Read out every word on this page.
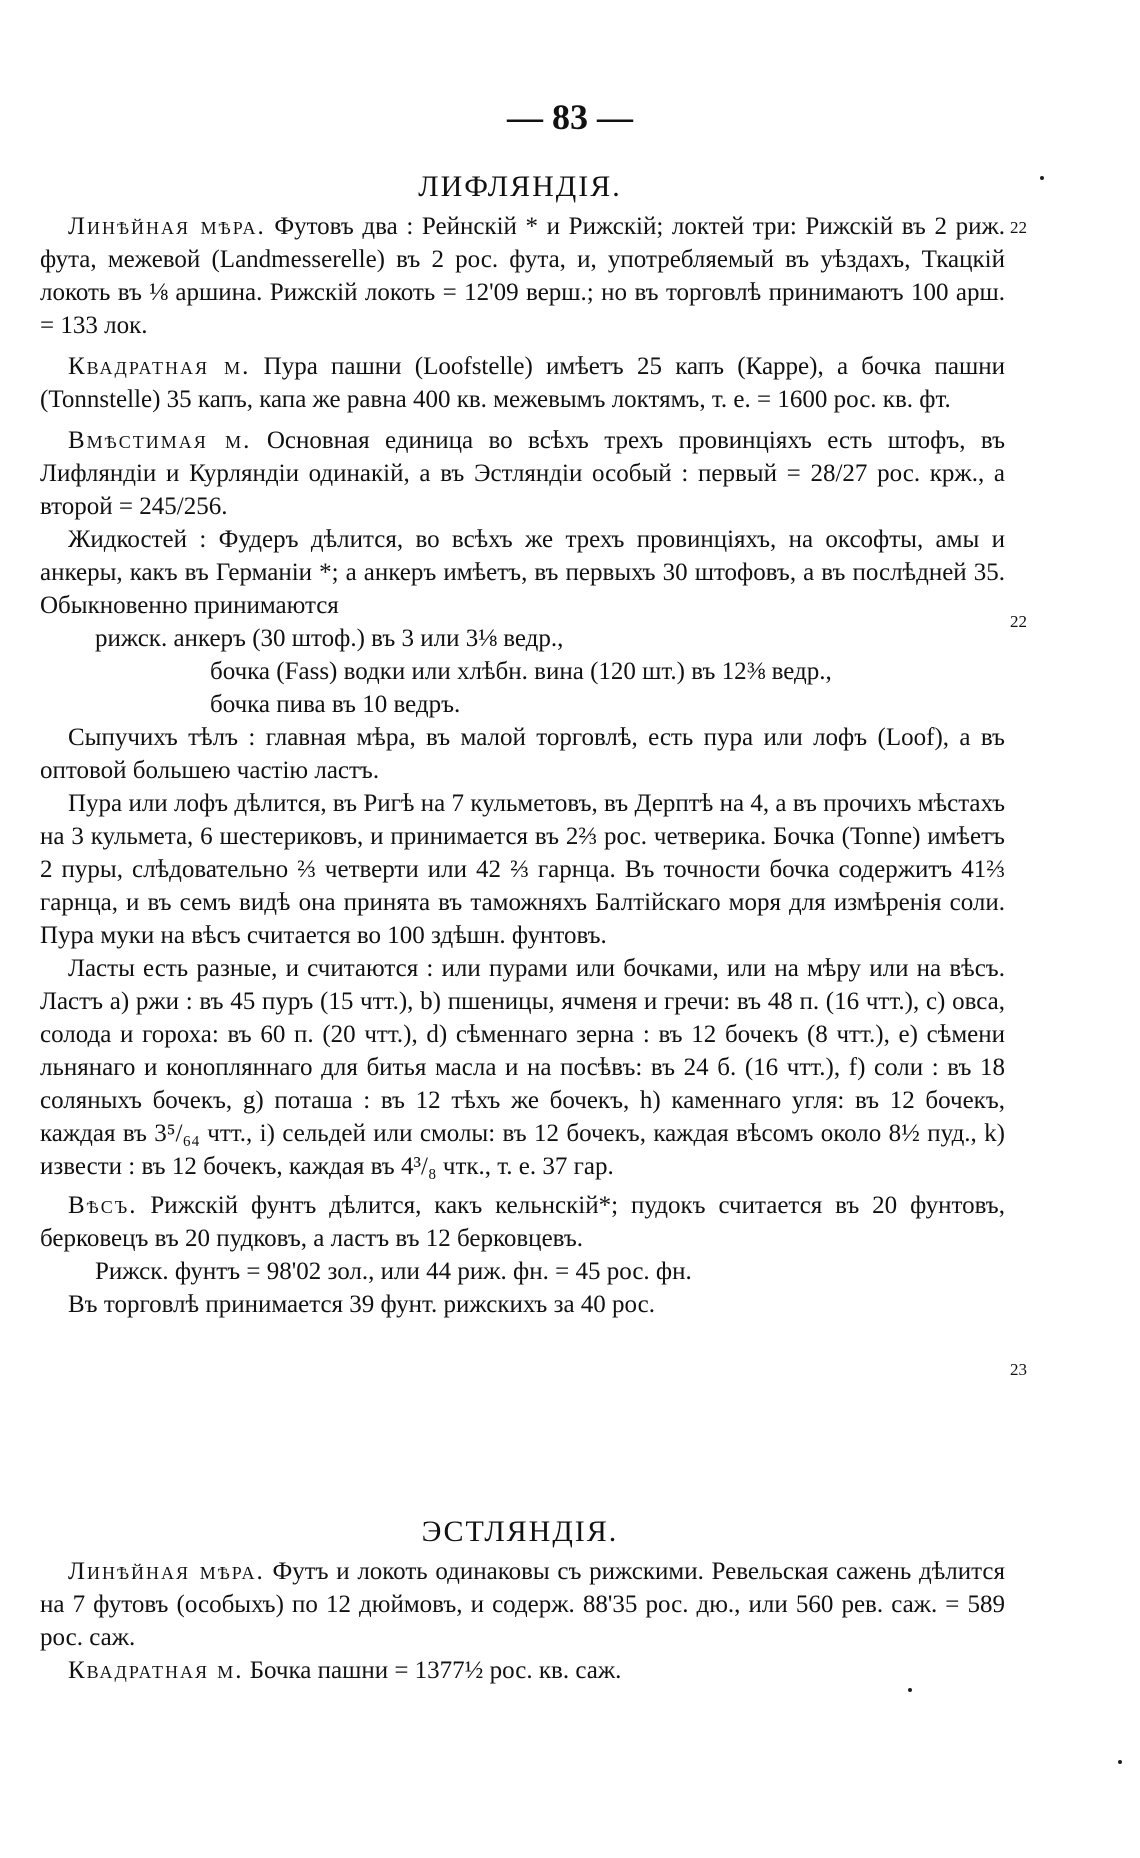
— 83 —
ЛИФЛЯНДІЯ.

Линѣйная мѣра. Футовъ два : Рейнскій * и Рижскій; локтей три: Рижскій въ 2 риж. фута, межевой (Landmesserelle) въ 2 рос. фута, и, употребляемый въ уѣздахъ, Ткацкій локоть въ ⅛ аршина. Рижскій локоть = 12'09 верш.; но въ торговлѣ принимаютъ 100 арш. = 133 лок.

Квадратная м. Пура пашни (Loofstelle) имѣетъ 25 капъ (Карре), а бочка пашни (Tonnstelle) 35 капъ, капа же равна 400 кв. межевымъ локтямъ, т. е. = 1600 рос. кв. фт.

Вмѣстимая м. Основная единица во всѣхъ трехъ провинціяхъ есть штофъ, въ Лифляндіи и Курляндіи одинакій, а въ Эстляндіи особый : первый = 28/27 рос. крж., а второй = 245/256.

Жидкостей : Фудеръ дѣлится, во всѣхъ же трехъ провинціяхъ, на оксофты, амы и анкеры, какъ въ Германіи *; а анкеръ имѣетъ, въ первыхъ 30 штофовъ, а въ послѣдней 35. Обыкновенно принимаются

рижск. анкеръ (30 штоф.) въ 3 или 3⅛ ведр.,

бочка (Fass) водки или хлѣбн. вина (120 шт.) въ 12⅜ ведр.,

бочка пива въ 10 ведръ.

Сыпучихъ тѣлъ : главная мѣра, въ малой торговлѣ, есть пура или лофъ (Loof), а въ оптовой большею частію ластъ.

Пура или лофъ дѣлится, въ Ригѣ на 7 кульметовъ, въ Дерптѣ на 4, а въ прочихъ мѣстахъ на 3 кульмета, 6 шестериковъ, и принимается въ 2⅔ рос. четверика. Бочка (Tonne) имѣетъ 2 пуры, слѣдовательно ⅔ четверти или 42 ⅔ гарнца. Въ точности бочка содержитъ 41⅔ гарнца, и въ семъ видѣ она принята въ таможняхъ Балтійскаго моря для измѣренія соли. Пура муки на вѣсъ считается во 100 здѣшн. фунтовъ.

Ласты есть разные, и считаются : или пурами или бочками, или на мѣру или на вѣсъ. Ластъ a) ржи : въ 45 пуръ (15 чтт.), b) пшеницы, ячменя и гречи: въ 48 п. (16 чтт.), c) овса, солода и гороха: въ 60 п. (20 чтт.), d) сѣменнаго зерна : въ 12 бочекъ (8 чтт.), e) сѣмени льнянаго и конопляннаго для битья масла и на посѣвъ: въ 24 б. (16 чтт.), f) соли : въ 18 соляныхъ бочекъ, g) поташа : въ 12 тѣхъ же бочекъ, h) каменнаго угля: въ 12 бочекъ, каждая въ 3⁵/₆₄ чтт., i) сельдей или смолы: въ 12 бочекъ, каждая вѣсомъ около 8½ пуд., k) извести : въ 12 бочекъ, каждая въ 4³/₈ чтк., т. е. 37 гар.

Вѣсъ. Рижскій фунтъ дѣлится, какъ кельнскій*; пудокъ считается въ 20 фунтовъ, берковецъ въ 20 пудковъ, а ластъ въ 12 берковцевъ.

Рижск. фунтъ = 98'02 зол., или 44 риж. фн. = 45 рос. фн.

Въ торговлѣ принимается 39 фунт. рижскихъ за 40 рос.

ЭСТЛЯНДІЯ.

Линѣйная мѣра. Футъ и локоть одинаковы съ рижскими. Ревельская сажень дѣлится на 7 футовъ (особыхъ) по 12 дюймовъ, и содерж. 88'35 рос. дю., или 560 рев. саж. = 589 рос. саж.

Квадратная м. Бочка пашни = 1377½ рос. кв. саж.

22
22
23
